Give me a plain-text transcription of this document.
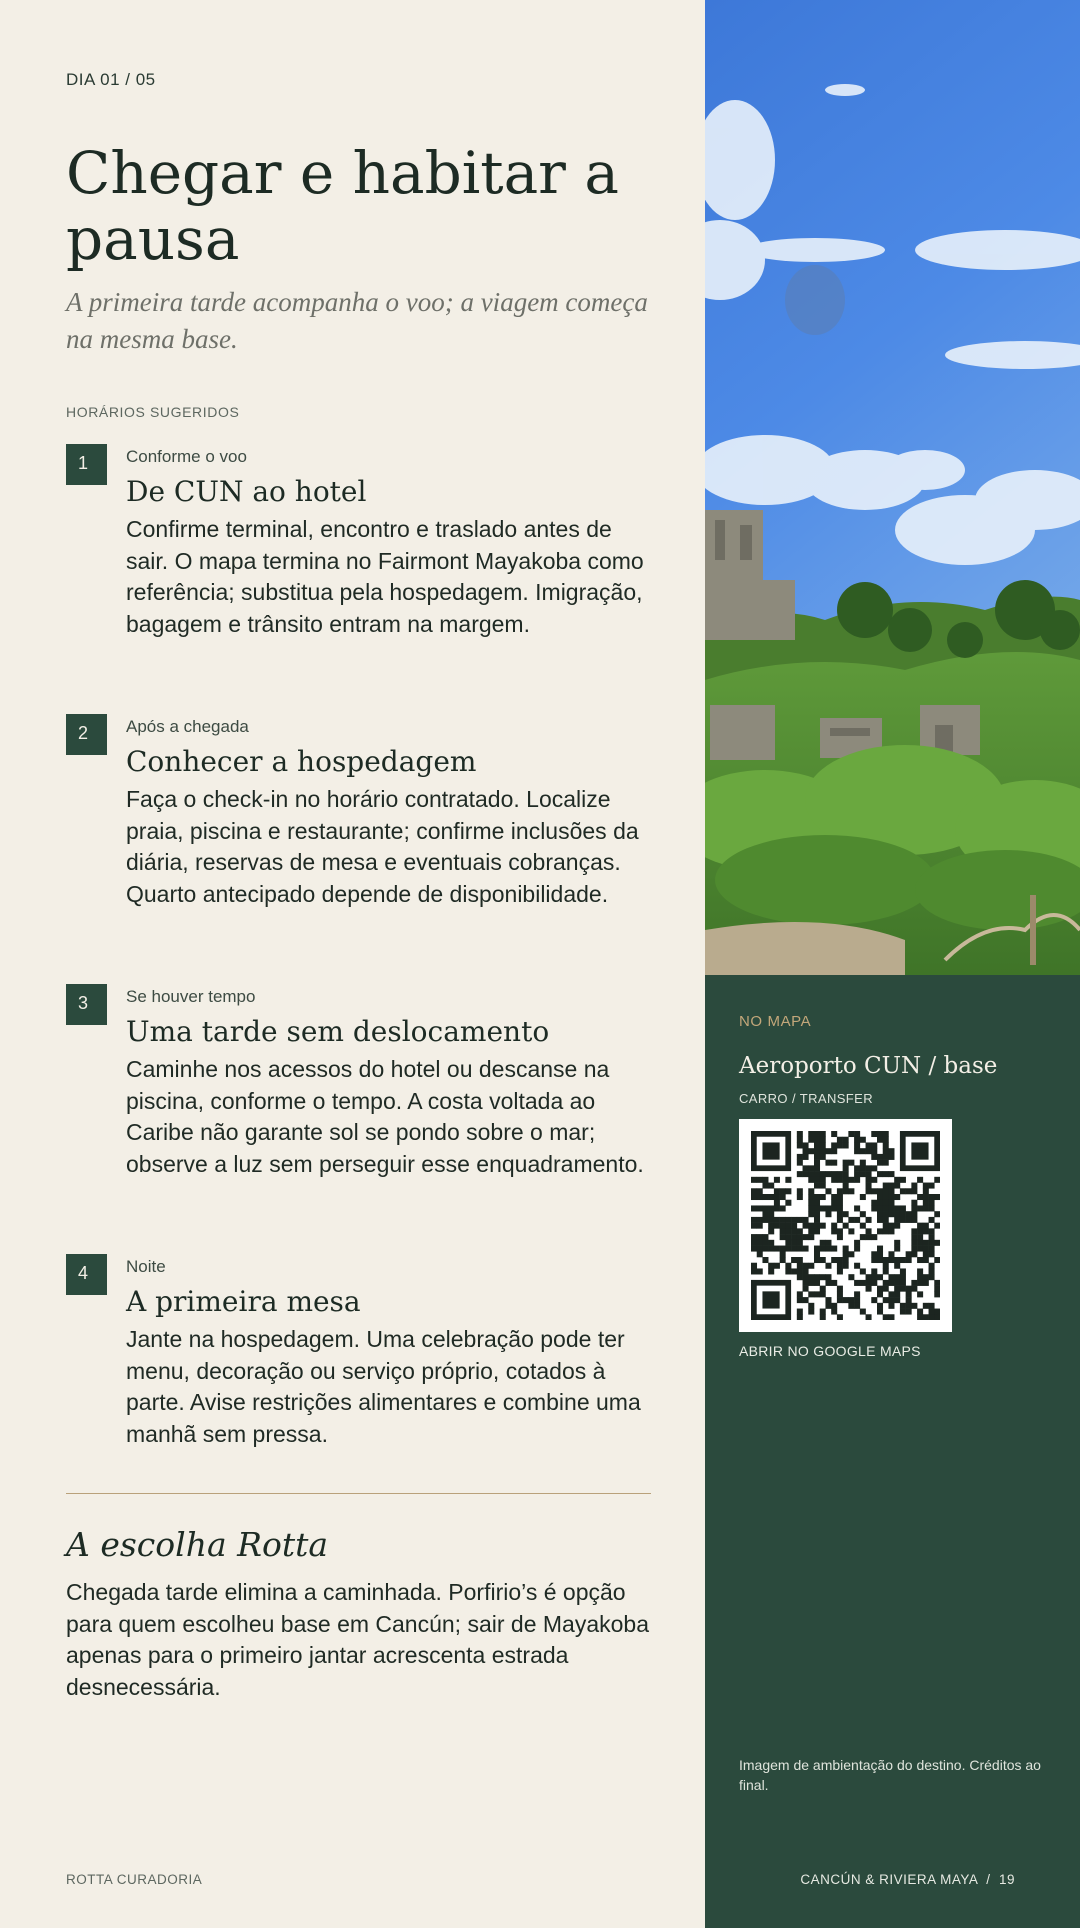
DIA 01 / 05
Chegar e habitar a pausa

A primeira tarde acompanha o voo; a viagem começa na mesma base.

HORÁRIOS SUGERIDOS
1	Conforme o voo
De CUN ao hotel

Confirme terminal, encontro e traslado antes de sair. O mapa termina no Fairmont Mayakoba como referência; substitua pela hospedagem. Imigração, bagagem e trânsito entram na margem.

2	Após a chegada
Conhecer a hospedagem

Faça o check-in no horário contratado. Localize praia, piscina e restaurante; confirme inclusões da diária, reservas de mesa e eventuais cobranças. Quarto antecipado depende de disponibilidade.

3	Se houver tempo
Uma tarde sem deslocamento

Caminhe nos acessos do hotel ou descanse na piscina, conforme o tempo. A costa voltada ao Caribe não garante sol se pondo sobre o mar; observe a luz sem perseguir esse enquadramento.

4	Noite
A primeira mesa

Jante na hospedagem. Uma celebração pode ter menu, decoração ou serviço próprio, cotados à parte. Avise restrições alimentares e combine uma manhã sem pressa.

A escolha Rotta

Chegada tarde elimina a caminhada. Porfirio’s é opção para quem escolheu base em Cancún; sair de Mayakoba apenas para o primeiro jantar acrescenta estrada desnecessária.

ROTTA CURADORIA
NO MAPA
Aeroporto CUN / base
CARRO / TRANSFER
ABRIR NO GOOGLE MAPS

Imagem de ambientação do destino. Créditos ao final.

CANCÚN & RIVIERA MAYA  /  19
